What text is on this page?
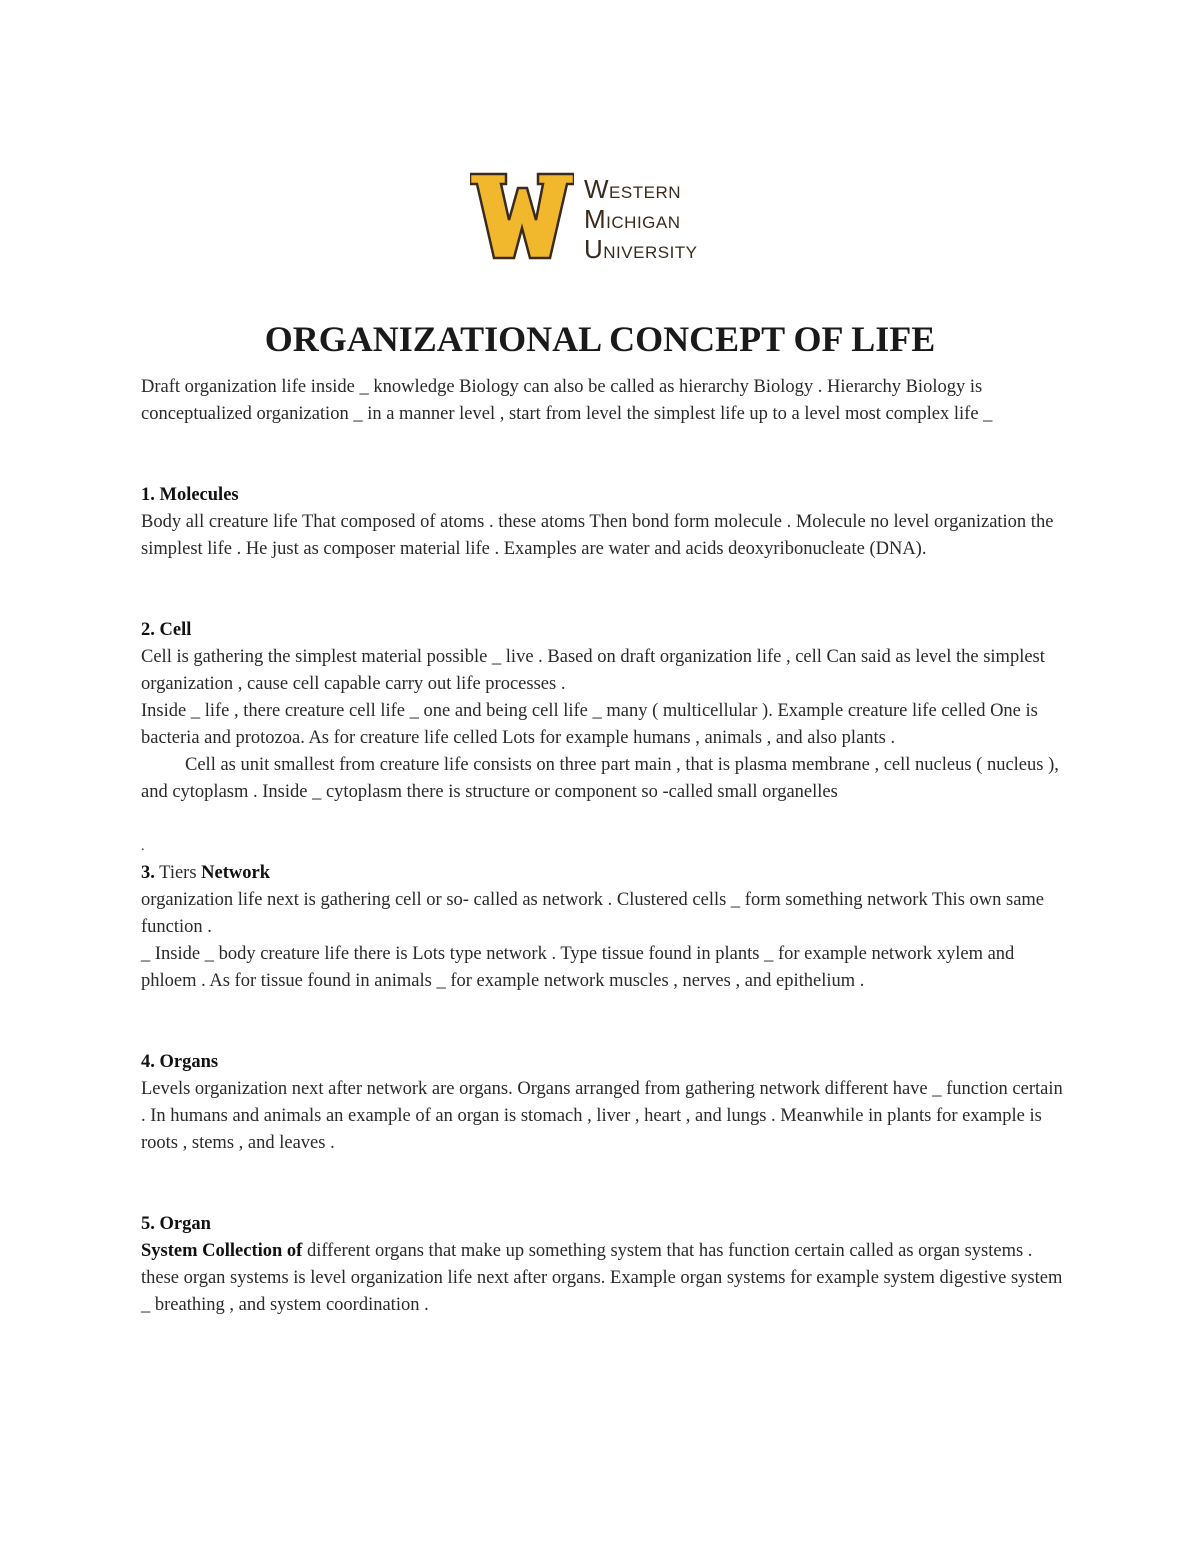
WESTERN
MICHIGAN
UNIVERSITY
ORGANIZATIONAL CONCEPT OF LIFE

Draft organization life inside _ knowledge Biology can also be called as hierarchy Biology . Hierarchy Biology is conceptualized organization _ in a manner level , start from level the simplest life up to a level most complex life _

1. Molecules

Body all creature life That composed of atoms . these atoms Then bond form molecule . Molecule no level organization the simplest life . He just as composer material life . Examples are water and acids deoxyribonucleate (DNA).

2. Cell

Cell is gathering the simplest material possible _ live . Based on draft organization life , cell Can said as level the simplest organization , cause cell capable carry out life processes .

Inside _ life , there creature cell life _ one and being cell life _ many ( multicellular ). Example creature life celled One is bacteria and protozoa. As for creature life celled Lots for example humans , animals , and also plants .

Cell as unit smallest from creature life consists on three part main , that is plasma membrane , cell nucleus ( nucleus ), and cytoplasm . Inside _ cytoplasm there is structure or component so -called small organelles

.

3. Tiers Network

organization life next is gathering cell or so- called as network . Clustered cells _ form something network This own same function .

_ Inside _ body creature life there is Lots type network . Type tissue found in plants _ for example network xylem and phloem . As for tissue found in animals _ for example network muscles , nerves , and epithelium .

4. Organs

Levels organization next after network are organs. Organs arranged from gathering network different have _ function certain . In humans and animals an example of an organ is stomach , liver , heart , and lungs . Meanwhile in plants for example is roots , stems , and leaves .

5. Organ

System Collection of different organs that make up something system that has function certain called as organ systems . these organ systems is level organization life next after organs. Example organ systems for example system digestive system _ breathing , and system coordination .
